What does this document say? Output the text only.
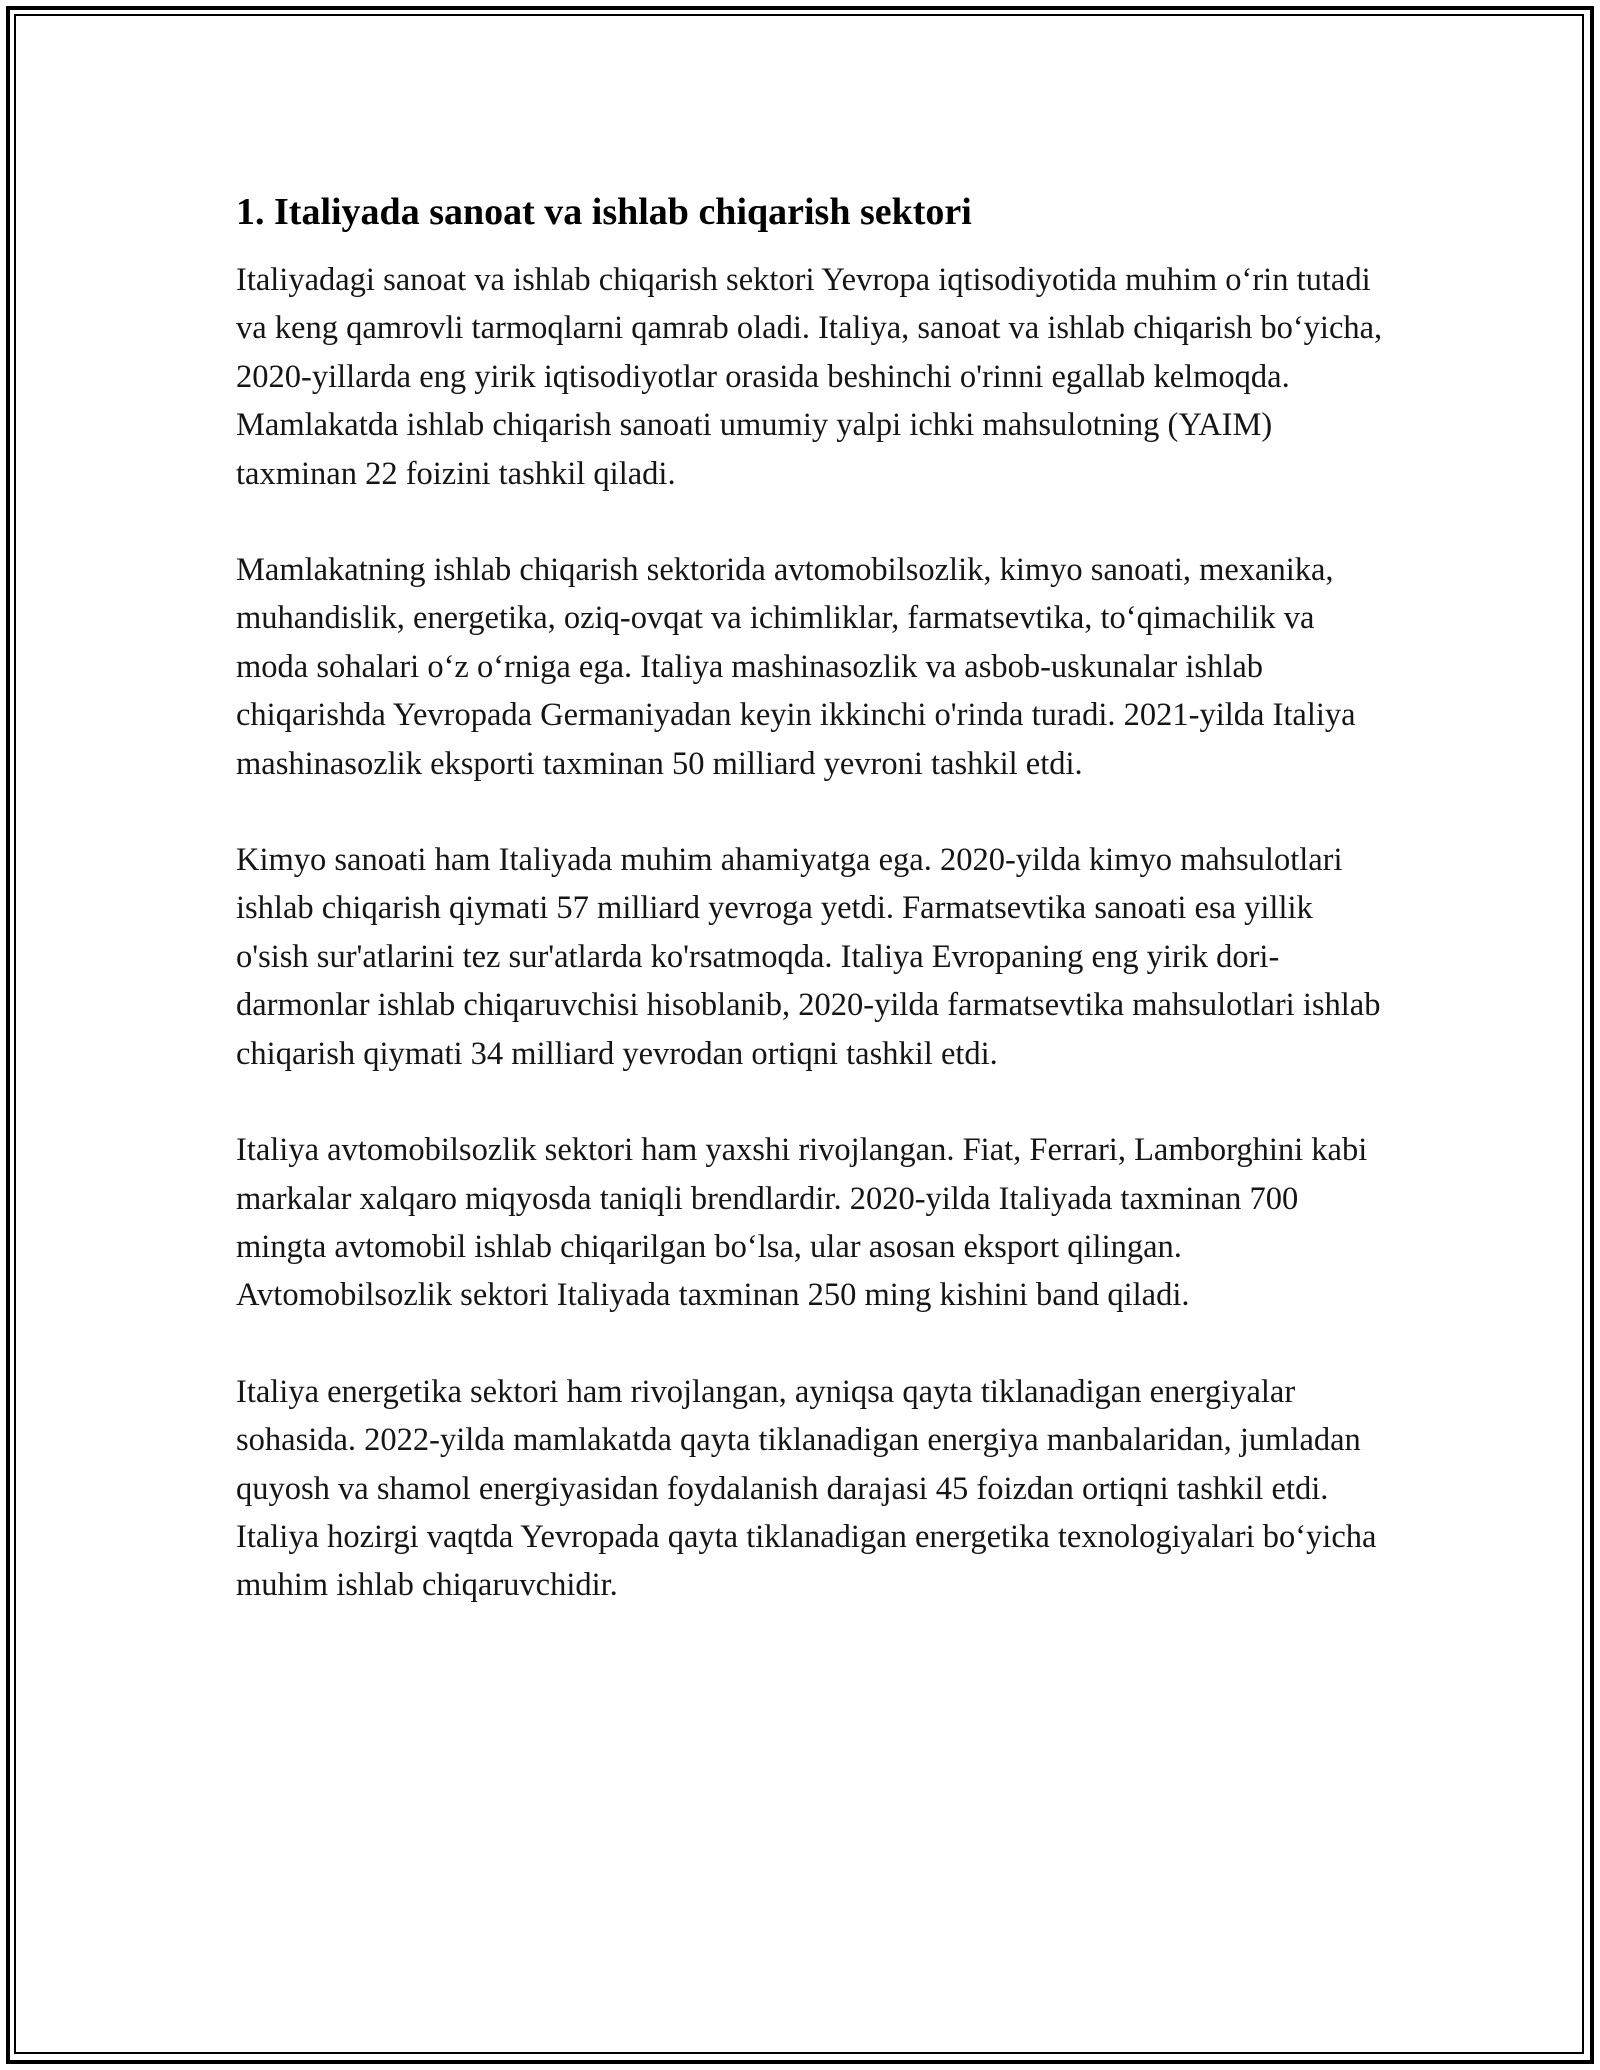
1. Italiyada sanoat va ishlab chiqarish sektori

Italiyadagi sanoat va ishlab chiqarish sektori Yevropa iqtisodiyotida muhim o‘rin tutadi va keng qamrovli tarmoqlarni qamrab oladi. Italiya, sanoat va ishlab chiqarish bo‘yicha, 2020-yillarda eng yirik iqtisodiyotlar orasida beshinchi o'rinni egallab kelmoqda. Mamlakatda ishlab chiqarish sanoati umumiy yalpi ichki mahsulotning (YAIM) taxminan 22 foizini tashkil qiladi.

Mamlakatning ishlab chiqarish sektorida avtomobilsozlik, kimyo sanoati, mexanika, muhandislik, energetika, oziq-ovqat va ichimliklar, farmatsevtika, to‘qimachilik va moda sohalari o‘z o‘rniga ega. Italiya mashinasozlik va asbob-uskunalar ishlab chiqarishda Yevropada Germaniyadan keyin ikkinchi o'rinda turadi. 2021-yilda Italiya mashinasozlik eksporti taxminan 50 milliard yevroni tashkil etdi.

Kimyo sanoati ham Italiyada muhim ahamiyatga ega. 2020-yilda kimyo mahsulotlari ishlab chiqarish qiymati 57 milliard yevroga yetdi. Farmatsevtika sanoati esa yillik o'sish sur'atlarini tez sur'atlarda ko'rsatmoqda. Italiya Evropaning eng yirik dori-darmonlar ishlab chiqaruvchisi hisoblanib, 2020-yilda farmatsevtika mahsulotlari ishlab chiqarish qiymati 34 milliard yevrodan ortiqni tashkil etdi.

Italiya avtomobilsozlik sektori ham yaxshi rivojlangan. Fiat, Ferrari, Lamborghini kabi markalar xalqaro miqyosda taniqli brendlardir. 2020-yilda Italiyada taxminan 700 mingta avtomobil ishlab chiqarilgan bo‘lsa, ular asosan eksport qilingan. Avtomobilsozlik sektori Italiyada taxminan 250 ming kishini band qiladi.

Italiya energetika sektori ham rivojlangan, ayniqsa qayta tiklanadigan energiyalar sohasida. 2022-yilda mamlakatda qayta tiklanadigan energiya manbalaridan, jumladan quyosh va shamol energiyasidan foydalanish darajasi 45 foizdan ortiqni tashkil etdi. Italiya hozirgi vaqtda Yevropada qayta tiklanadigan energetika texnologiyalari bo‘yicha muhim ishlab chiqaruvchidir.
